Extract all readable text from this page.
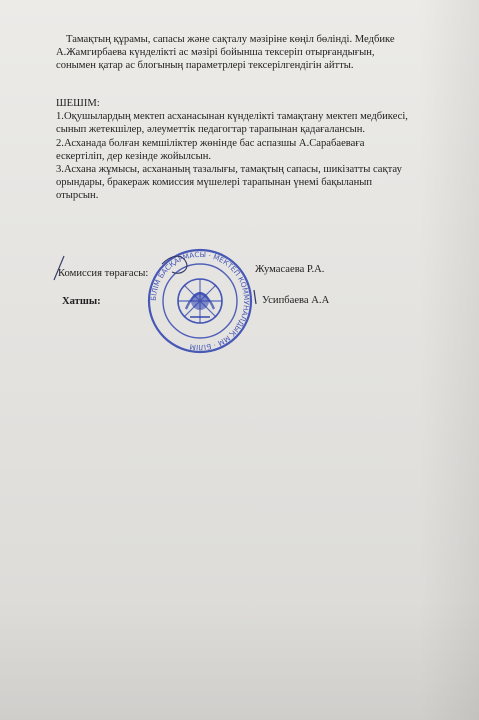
Тамақтың құрамы, сапасы және сақталу мәзіріне көңіл бөлінді. Медбике
А.Жамгирбаева күнделікті ас мәзірі бойынша тексеріп отырғандығын,
сонымен қатар ас блогының параметрлері тексерілгендігін айтты.
ШЕШІМ:
1.Оқушылардың мектеп асханасынан күнделікті тамақтану мектеп медбикесі,
сынып жетекшілер, әлеуметтік педагогтар тарапынан қадағалансын.
2.Асханада болған кемшіліктер жөнінде бас аспазшы А.Сарабаевағa
ескертіліп, дер кезінде жойылсын.
3.Асхана жұмысы, асхананың тазалығы, тамақтың сапасы, шикізатты сақтау
орындары, бракераж комиссия мүшелері тарапынан үнемі бақыланып
отырсын.
БІЛІМ БАСҚАРМАСЫ · МЕКТЕП КОММУНАЛДЫҚ ММ · БІЛІМ
Комиссия төрағасы:	Жумасаева Р.А.
Хатшы:	Усипбаева А.А
